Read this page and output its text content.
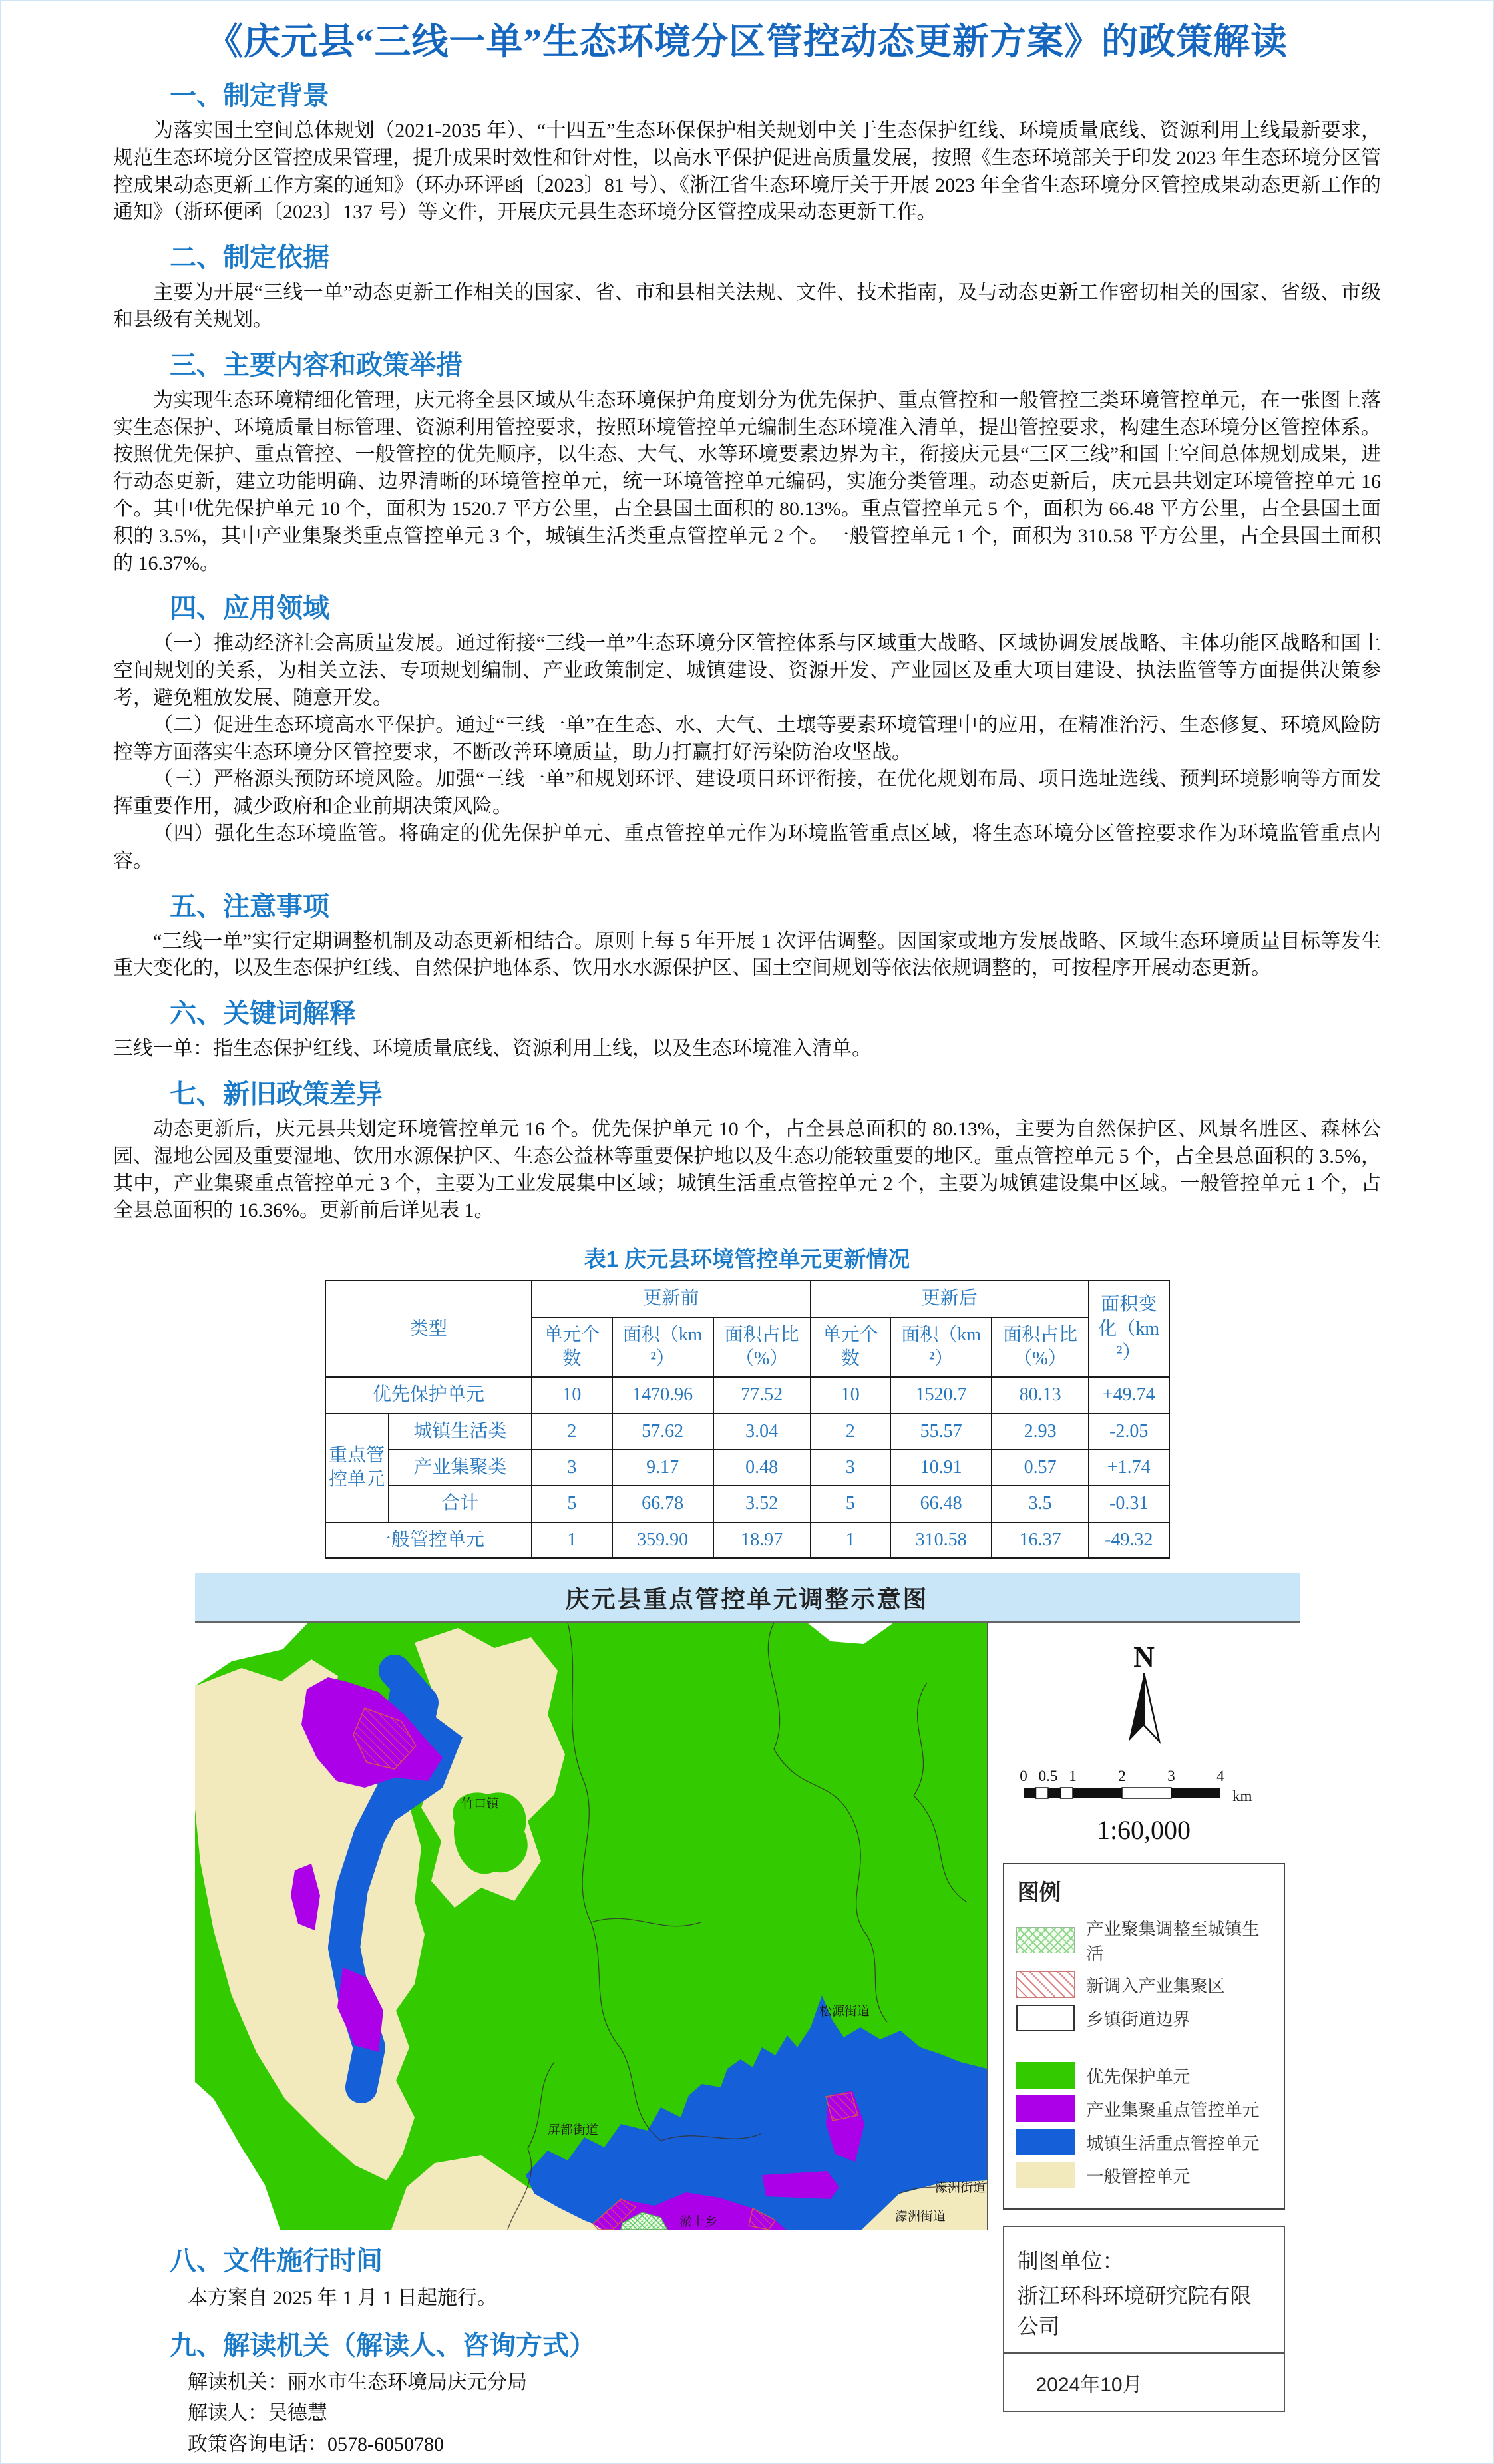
《庆元县“三线一单”生态环境分区管控动态更新方案》的政策解读
一、制定背景

为落实国土空间总体规划（2021-2035 年）、“十四五”生态环保保护相关规划中关于生态保护红线、环境质量底线、资源利用上线最新要求，规范生态环境分区管控成果管理，提升成果时效性和针对性，以高水平保护促进高质量发展，按照《生态环境部关于印发 2023 年生态环境分区管控成果动态更新工作方案的通知》（环办环评函〔2023〕81 号）、《浙江省生态环境厅关于开展 2023 年全省生态环境分区管控成果动态更新工作的通知》（浙环便函〔2023〕137 号）等文件，开展庆元县生态环境分区管控成果动态更新工作。

二、制定依据

主要为开展“三线一单”动态更新工作相关的国家、省、市和县相关法规、文件、技术指南，及与动态更新工作密切相关的国家、省级、市级和县级有关规划。

三、主要内容和政策举措

为实现生态环境精细化管理，庆元将全县区域从生态环境保护角度划分为优先保护、重点管控和一般管控三类环境管控单元，在一张图上落实生态保护、环境质量目标管理、资源利用管控要求，按照环境管控单元编制生态环境准入清单，提出管控要求，构建生态环境分区管控体系。按照优先保护、重点管控、一般管控的优先顺序，以生态、大气、水等环境要素边界为主，衔接庆元县“三区三线”和国土空间总体规划成果，进行动态更新，建立功能明确、边界清晰的环境管控单元，统一环境管控单元编码，实施分类管理。动态更新后，庆元县共划定环境管控单元 16 个。其中优先保护单元 10 个，面积为 1520.7 平方公里，占全县国土面积的 80.13%。重点管控单元 5 个，面积为 66.48 平方公里，占全县国土面积的 3.5%，其中产业集聚类重点管控单元 3 个，城镇生活类重点管控单元 2 个。一般管控单元 1 个，面积为 310.58 平方公里，占全县国土面积的 16.37%。

四、应用领域

（一）推动经济社会高质量发展。通过衔接“三线一单”生态环境分区管控体系与区域重大战略、区域协调发展战略、主体功能区战略和国土空间规划的关系，为相关立法、专项规划编制、产业政策制定、城镇建设、资源开发、产业园区及重大项目建设、执法监管等方面提供决策参考，避免粗放发展、随意开发。

（二）促进生态环境高水平保护。通过“三线一单”在生态、水、大气、土壤等要素环境管理中的应用，在精准治污、生态修复、环境风险防控等方面落实生态环境分区管控要求，不断改善环境质量，助力打赢打好污染防治攻坚战。

（三）严格源头预防环境风险。加强“三线一单”和规划环评、建设项目环评衔接，在优化规划布局、项目选址选线、预判环境影响等方面发挥重要作用，减少政府和企业前期决策风险。

（四）强化生态环境监管。将确定的优先保护单元、重点管控单元作为环境监管重点区域，将生态环境分区管控要求作为环境监管重点内容。

五、注意事项

“三线一单”实行定期调整机制及动态更新相结合。原则上每 5 年开展 1 次评估调整。因国家或地方发展战略、区域生态环境质量目标等发生重大变化的，以及生态保护红线、自然保护地体系、饮用水水源保护区、国土空间规划等依法依规调整的，可按程序开展动态更新。

六、关键词解释

三线一单：指生态保护红线、环境质量底线、资源利用上线，以及生态环境准入清单。

七、新旧政策差异

动态更新后，庆元县共划定环境管控单元 16 个。优先保护单元 10 个，占全县总面积的 80.13%，主要为自然保护区、风景名胜区、森林公园、湿地公园及重要湿地、饮用水源保护区、生态公益林等重要保护地以及生态功能较重要的地区。重点管控单元 5 个，占全县总面积的 3.5%，其中，产业集聚重点管控单元 3 个，主要为工业发展集中区域；城镇生活重点管控单元 2 个，主要为城镇建设集中区域。一般管控单元 1 个，占全县总面积的 16.36%。更新前后详见表 1。

表1 庆元县环境管控单元更新情况
类型		更新前			更新后			面积变化（km²）
		单元个数	面积（km²）	面积占比（%）	单元个数	面积（km²）	面积占比（%）	
优先保护单元		10	1470.96	77.52	10	1520.7	80.13	+49.74
重点管控单元	城镇生活类	2	57.62	3.04	2	55.57	2.93	-2.05
	产业集聚类	3	9.17	0.48	3	10.91	0.57	+1.74
	合计	5	66.78	3.52	5	66.48	3.5	-0.31
一般管控单元		1	359.90	18.97	1	310.58	16.37	-49.32
庆元县重点管控单元调整示意图
竹口镇
松源街道
屏都街道
濛洲街道
濛洲街道
淤上乡
N
0 0.5 1	2	3	4
km
1:60,000
图例
产业聚集调整至城镇生活
新调入产业集聚区
乡镇街道边界
优先保护单元
产业集聚重点管控单元
城镇生活重点管控单元
一般管控单元
制图单位：
浙江环科环境研究院有限公司
2024年10月
八、文件施行时间

本方案自 2025 年 1 月 1 日起施行。

九、解读机关（解读人、咨询方式）

解读机关：丽水市生态环境局庆元分局

解读人：吴德慧

政策咨询电话：0578-6050780
